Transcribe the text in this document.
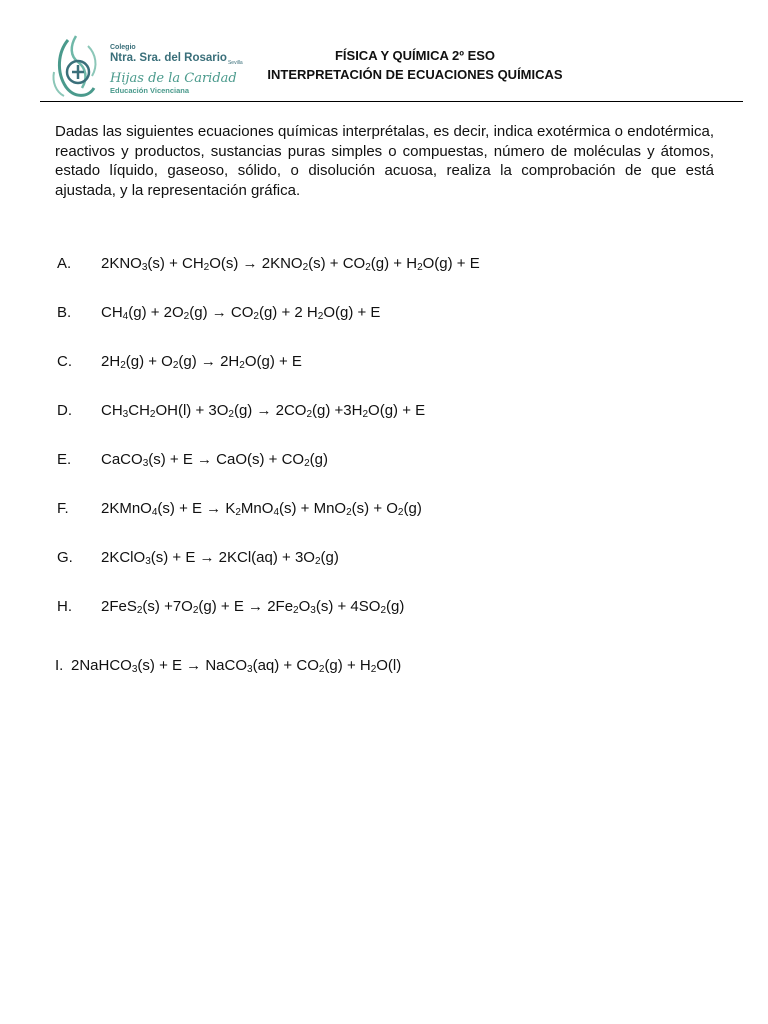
Colegio
Ntra. Sra. del Rosario$_{Sevilla}$
Hijas de la Caridad
Educación Vicenciana
FÍSICA Y QUÍMICA 2º ESO
INTERPRETACIÓN DE ECUACIONES QUÍMICAS
Dadas las siguientes ecuaciones químicas interprétalas, es decir, indica exotérmica o endotérmica, reactivos y productos, sustancias puras simples o compuestas, número de moléculas y átomos, estado líquido, gaseoso, sólido, o disolución acuosa, realiza la comprobación de que está ajustada, y la representación gráfica.
A. $2KNO_3(s) + CH_2O(s) \to 2KNO_2(s) + CO_2(g) + H_2O(g) + E$
B. $CH_4(g) + 2O_2(g) \to CO_2(g) + 2$ $H_2O(g) + E$
C. $2H_2(g) + O_2(g) \to 2H_2O(g) + E$
D. $CH_3CH_2OH(l) + 3O_2(g) \to 2CO_2(g) +3H_2O(g) + E$
E. CaCO$_3$(s) + $E \to CaO(s) + CO_2(g)$
F. 2KMnO$_4$(s) + $E \to K_2MnO_4(s) + MnO_2(s) + O_2(g)$
G. 2KClO$_3$(s) + $E \to 2KCl(aq) + 3O_2(g)$
H. $2FeS_2(s) +7O_2(g) + E \to 2Fe_2O_3(s) + 4SO_2(g)$
I. 2NaHCO$_3$(s) + E → NaCO$_3$(aq) + $CO_2(g) + H_2O(l)$
